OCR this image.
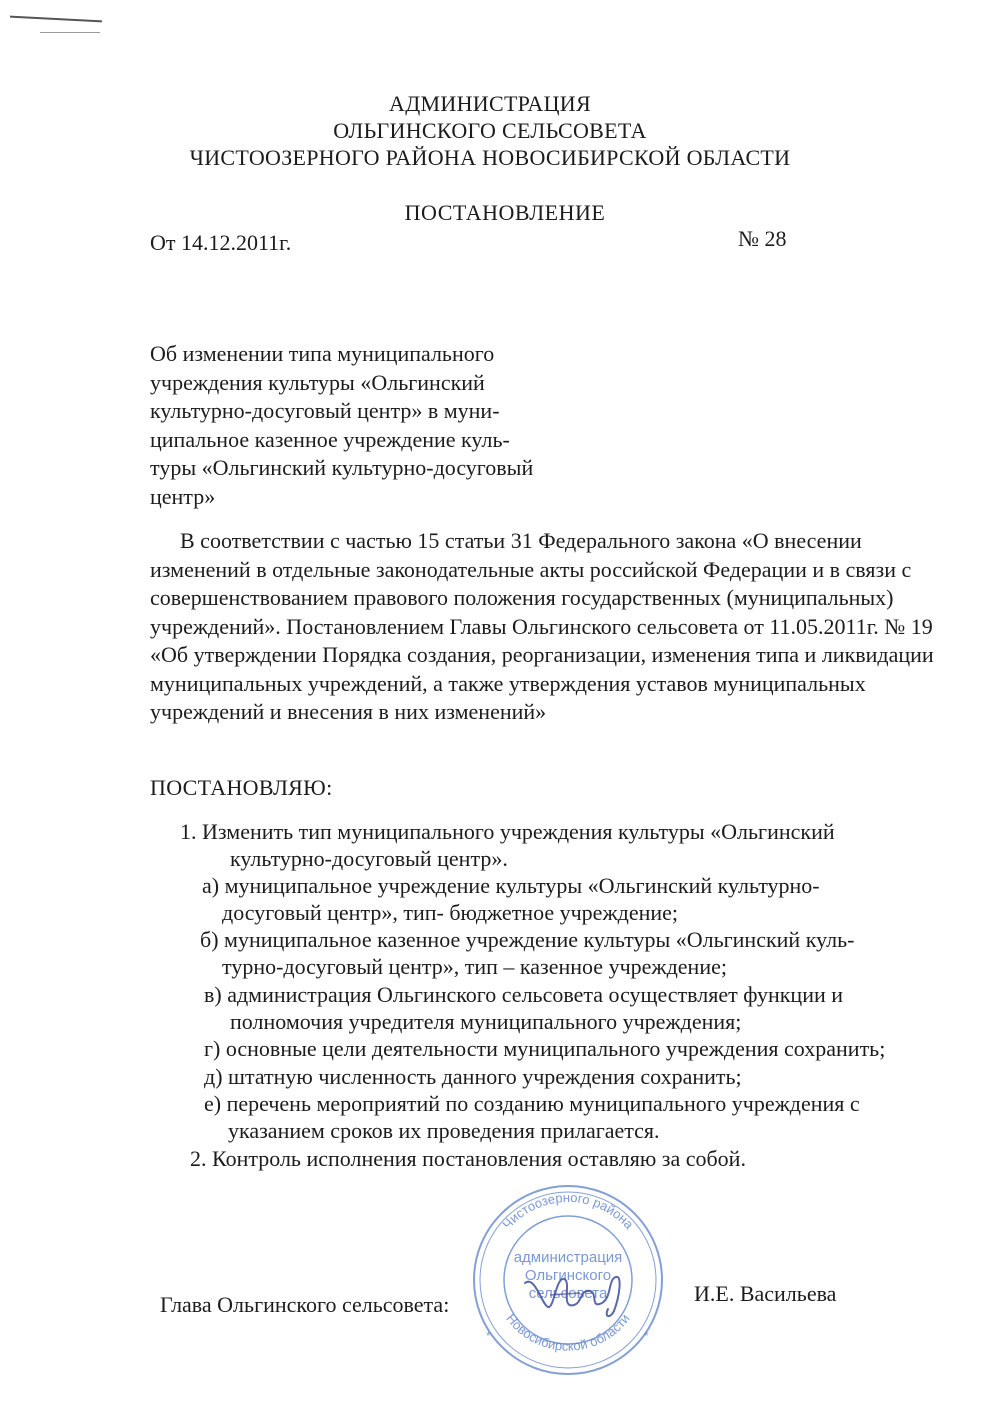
АДМИНИСТРАЦИЯ
ОЛЬГИНСКОГО СЕЛЬСОВЕТА
ЧИСТООЗЕРНОГО РАЙОНА НОВОСИБИРСКОЙ ОБЛАСТИ
ПОСТАНОВЛЕНИЕ
От 14.12.2011г.	№ 28
Об изменении типа муниципального
учреждения культуры «Ольгинский
культурно-досуговый центр» в муни-
ципальное казенное учреждение куль-
туры «Ольгинский культурно-досуговый
центр»
В соответствии с частью 15 статьи 31 Федерального закона «О внесении изменений в отдельные законодательные акты российской Федерации и в связи с совершенствованием правового положения государственных (муниципальных) учреждений». Постановлением Главы Ольгинского сельсовета от 11.05.2011г. № 19 «Об утверждении Порядка создания, реорганизации, изменения типа и ликвидации муниципальных учреждений, а также утверждения уставов муниципальных учреждений и внесения в них изменений»
ПОСТАНОВЛЯЮ:
1. Изменить тип муниципального учреждения культуры «Ольгинский
культурно-досуговый центр».
а) муниципальное учреждение культуры «Ольгинский культурно-
досуговый центр», тип- бюджетное учреждение;
б) муниципальное казенное учреждение культуры «Ольгинский куль-
турно-досуговый центр», тип – казенное учреждение;
в) администрация Ольгинского сельсовета осуществляет функции и
полномочия учредителя муниципального учреждения;
г) основные цели деятельности муниципального учреждения сохранить;
д) штатную численность данного учреждения сохранить;
е) перечень мероприятий по созданию муниципального учреждения с
указанием сроков их проведения прилагается.
2. Контроль исполнения постановления оставляю за собой.
Глава Ольгинского сельсовета:	И.Е. Васильева
Чистоозерного района
Новосибирской области
администрация
Ольгинского
сельсовета
*	*
